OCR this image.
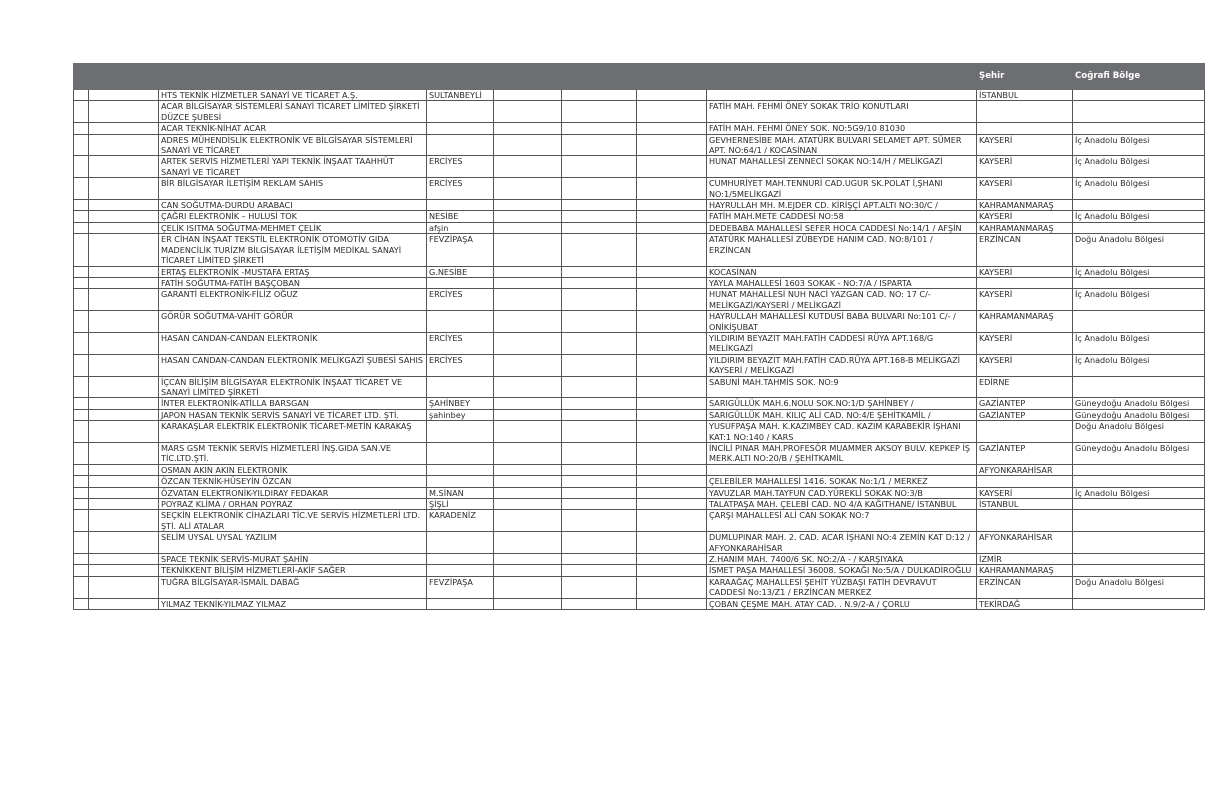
								Şehir	Coğrafi Bölge
		HTS TEKNİK HİZMETLER SANAYİ VE TİCARET A.Ş.	SULTANBEYLİ					İSTANBUL	
		ACAR BİLGİSAYAR SİSTEMLERİ SANAYİ TİCARET LİMİTED ŞİRKETİ DÜZCE ŞUBESİ					FATİH MAH. FEHMİ ÖNEY SOKAK TRİO KONUTLARI		
		ACAR TEKNİK-NİHAT ACAR					FATİH MAH. FEHMİ ÖNEY SOK. NO:5G9/10 81030		
		ADRES MÜHENDİSLİK ELEKTRONİK VE BİLGİSAYAR SİSTEMLERİ SANAYİ VE TİCARET					GEVHERNESİBE MAH. ATATÜRK BULVARI SELAMET APT. SÜMER APT. NO:64/1 / KOCASİNAN	KAYSERİ	İç Anadolu Bölgesi
		ARTEK SERVİS HİZMETLERİ YAPI TEKNİK İNŞAAT TAAHHÜT SANAYİ VE TİCARET	ERCİYES				HUNAT MAHALLESİ ZENNECİ SOKAK NO:14/H / MELİKGAZİ	KAYSERİ	İç Anadolu Bölgesi
		BİR BİLGİSAYAR İLETİŞİM REKLAM SAHIS	ERCİYES				CUMHURİYET MAH.TENNURİ CAD.UGUR SK.POLAT İ,ŞHANI NO:1/5MELİKGAZİ	KAYSERİ	İç Anadolu Bölgesi
		CAN SOĞUTMA-DURDU ARABACI					HAYRULLAH MH. M.EJDER CD. KİRİŞÇİ APT.ALTI NO:30/C /	KAHRAMANMARAŞ	
		ÇAĞRI ELEKTRONİK – HULUSİ TOK	NESİBE				FATİH MAH.METE CADDESİ NO:58	KAYSERİ	İç Anadolu Bölgesi
		ÇELİK ISITMA SOĞUTMA-MEHMET ÇELİK	afşin				DEDEBABA MAHALLESİ SEFER HOCA CADDESİ No:14/1 / AFŞİN	KAHRAMANMARAŞ	
		ER CİHAN İNŞAAT TEKSTİL ELEKTRONİK OTOMOTİV GIDA MADENCİLİK TURİZM BİLGİSAYAR İLETİŞİM MEDİKAL SANAYİ TİCARET LİMİTED ŞİRKETİ	FEVZİPAŞA				ATATÜRK MAHALLESİ ZÜBEYDE HANIM CAD. NO:8/101 / ERZİNCAN	ERZİNCAN	Doğu Anadolu Bölgesi
		ERTAŞ ELEKTRONİK -MUSTAFA ERTAŞ	G.NESİBE				KOCASİNAN	KAYSERİ	İç Anadolu Bölgesi
		FATİH SOĞUTMA-FATİH BAŞÇOBAN					YAYLA MAHALLESİ 1603 SOKAK - NO:7/A / ISPARTA		
		GARANTİ ELEKTRONİK-FİLİZ OĞUZ	ERCİYES				HUNAT MAHALLESİ NUH NACİ YAZGAN CAD. NO: 17 C/- MELİKGAZİ/KAYSERİ / MELİKGAZİ	KAYSERİ	İç Anadolu Bölgesi
		GÖRÜR SOĞUTMA-VAHİT GÖRÜR					HAYRULLAH MAHALLESİ KUTDUSİ BABA BULVARI No:101 C/- / ONİKİŞUBAT	KAHRAMANMARAŞ	
		HASAN CANDAN-CANDAN ELEKTRONİK	ERCİYES				YILDIRIM BEYAZIT MAH.FATİH CADDESİ RÜYA APT.168/G MELİKGAZİ	KAYSERİ	İç Anadolu Bölgesi
		HASAN CANDAN-CANDAN ELEKTRONİK MELİKGAZİ ŞUBESİ SAHIS	ERCİYES				YILDIRIM BEYAZIT MAH.FATİH CAD.RÜYA APT.168-B MELİKGAZİ KAYSERİ / MELİKGAZİ	KAYSERİ	İç Anadolu Bölgesi
		İÇCAN BİLİŞİM BİLGİSAYAR ELEKTRONİK İNŞAAT TİCARET VE SANAYİ LİMİTED ŞİRKETİ					SABUNİ MAH.TAHMİS SOK. NO:9	EDİRNE	
		İNTER ELEKTRONİK-ATİLLA BARSGAN	ŞAHİNBEY				SARIGÜLLÜK MAH.6.NOLU SOK.NO:1/D ŞAHİNBEY /	GAZİANTEP	Güneydoğu Anadolu Bölgesi
		JAPON HASAN TEKNİK SERVİS SANAYİ VE TİCARET LTD. ŞTİ.	şahinbey				SARIGÜLLÜK MAH. KILIÇ ALİ CAD. NO:4/E ŞEHİTKAMİL /	GAZİANTEP	Güneydoğu Anadolu Bölgesi
		KARAKAŞLAR ELEKTRİK ELEKTRONİK TİCARET-METİN KARAKAŞ					YUSUFPAŞA MAH. K.KAZIMBEY CAD. KAZIM KARABEKİR İŞHANI KAT:1 NO:140 / KARS		Doğu Anadolu Bölgesi
		MARS GSM TEKNİK SERVİS HİZMETLERİ İNŞ.GIDA SAN.VE TİC.LTD.ŞTİ.					İNCİLİ PINAR MAH.PROFESÖR MUAMMER AKSOY BULV. KEPKEP İŞ MERK.ALTI NO:20/B / ŞEHİTKAMİL	GAZİANTEP	Güneydoğu Anadolu Bölgesi
		OSMAN AKIN AKIN ELEKTRONİK						AFYONKARAHİSAR	
		ÖZCAN TEKNİK-HÜSEYİN ÖZCAN					ÇELEBİLER MAHALLESİ 1416. SOKAK No:1/1 / MERKEZ		
		ÖZVATAN ELEKTRONİK-YILDIRAY FEDAKAR	M.SİNAN				YAVUZLAR MAH.TAYFUN CAD.YÜREKLİ SOKAK NO:3/B	KAYSERİ	İç Anadolu Bölgesi
		POYRAZ KLİMA / ORHAN POYRAZ	ŞİŞLİ				TALATPAŞA MAH. ÇELEBİ CAD. NO 4/A KAĞITHANE/ İSTANBUL	İSTANBUL	
		SEÇKİN ELEKTRONİK CİHAZLARI TİC.VE SERVİS HİZMETLERİ LTD. ŞTİ. ALİ ATALAR	KARADENİZ				ÇARŞI MAHALLESİ ALİ CAN SOKAK NO:7		
		SELİM UYSAL UYSAL YAZILIM					DUMLUPINAR MAH. 2. CAD. ACAR İŞHANI NO:4 ZEMİN KAT D:12 / AFYONKARAHİSAR	AFYONKARAHİSAR	
		SPACE TEKNİK SERVİS-MURAT ŞAHİN					Z.HANIM MAH. 7400/6 SK. NO:2/A - / KARŞIYAKA	İZMİR	
		TEKNİKKENT BİLİŞİM HİZMETLERİ-AKİF SAĞER					İSMET PAŞA MAHALLESİ 36008. SOKAĞI No:5/A / DULKADİROĞLU	KAHRAMANMARAŞ	
		TUĞRA BİLGİSAYAR-İSMAİL DABAĞ	FEVZİPAŞA				KARAAĞAÇ MAHALLESİ ŞEHİT YÜZBAŞI FATİH DEVRAVUT CADDESİ No:13/Z1 / ERZİNCAN MERKEZ	ERZİNCAN	Doğu Anadolu Bölgesi
		YILMAZ TEKNİK-YILMAZ YILMAZ					ÇOBAN ÇEŞME MAH. ATAY CAD. . N.9/2-A / ÇORLU	TEKİRDAĞ	
